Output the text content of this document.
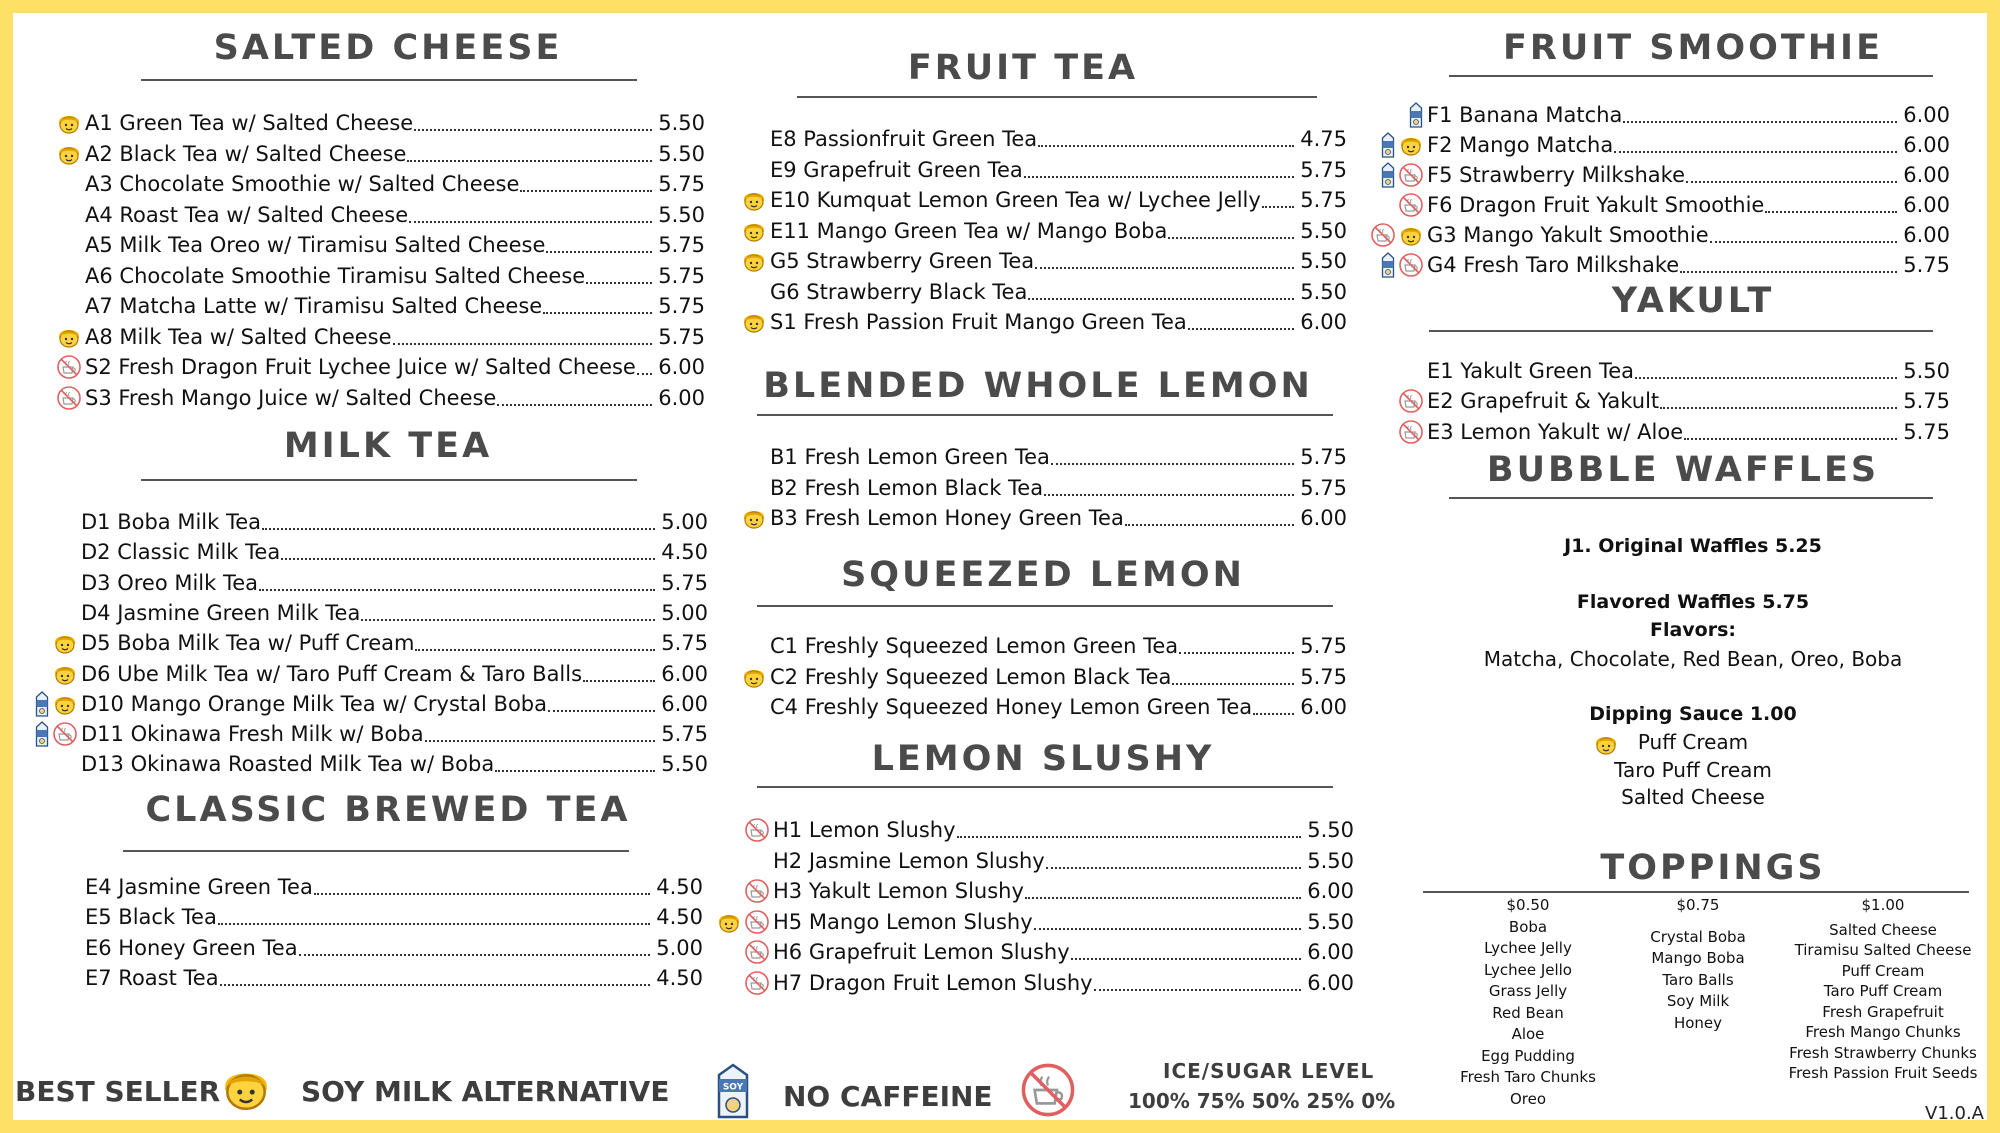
SALTED CHEESE
A1 Green Tea w/ Salted Cheese	5.50
A2 Black Tea w/ Salted Cheese	5.50
A3 Chocolate Smoothie w/ Salted Cheese	5.75
A4 Roast Tea w/ Salted Cheese	5.50
A5 Milk Tea Oreo w/ Tiramisu Salted Cheese	5.75
A6 Chocolate Smoothie Tiramisu Salted Cheese	5.75
A7 Matcha Latte w/ Tiramisu Salted Cheese	5.75
A8 Milk Tea w/ Salted Cheese	5.75
S2 Fresh Dragon Fruit Lychee Juice w/ Salted Cheese 6.00
S3 Fresh Mango Juice w/ Salted Cheese	6.00
MILK TEA
D1 Boba Milk Tea	5.00
D2 Classic Milk Tea	4.50
D3 Oreo Milk Tea	5.75
D4 Jasmine Green Milk Tea	5.00
D5 Boba Milk Tea w/ Puff Cream	5.75
D6 Ube Milk Tea w/ Taro Puff Cream & Taro Balls	6.00
D10 Mango Orange Milk Tea w/ Crystal Boba	6.00
D11 Okinawa Fresh Milk w/ Boba	5.75
D13 Okinawa Roasted Milk Tea w/ Boba	5.50
CLASSIC BREWED TEA
E4 Jasmine Green Tea	4.50
E5 Black Tea	4.50
E6 Honey Green Tea	5.00
E7 Roast Tea	4.50
FRUIT TEA
E8 Passionfruit Green Tea	4.75
E9 Grapefruit Green Tea	5.75
E10 Kumquat Lemon Green Tea w/ Lychee Jelly 5.75
E11 Mango Green Tea w/ Mango Boba	5.50
G5 Strawberry Green Tea	5.50
G6 Strawberry Black Tea	5.50
S1 Fresh Passion Fruit Mango Green Tea	6.00
BLENDED WHOLE LEMON
B1 Fresh Lemon Green Tea	5.75
B2 Fresh Lemon Black Tea	5.75
B3 Fresh Lemon Honey Green Tea	6.00
SQUEEZED LEMON
C1 Freshly Squeezed Lemon Green Tea	5.75
C2 Freshly Squeezed Lemon Black Tea	5.75
C4 Freshly Squeezed Honey Lemon Green Tea 6.00
LEMON SLUSHY
H1 Lemon Slushy	5.50
H2 Jasmine Lemon Slushy	5.50
H3 Yakult Lemon Slushy	6.00
H5 Mango Lemon Slushy	5.50
H6 Grapefruit Lemon Slushy	6.00
H7 Dragon Fruit Lemon Slushy	6.00
FRUIT SMOOTHIE
F1 Banana Matcha	6.00
F2 Mango Matcha	6.00
F5 Strawberry Milkshake	6.00
F6 Dragon Fruit Yakult Smoothie	6.00
G3 Mango Yakult Smoothie	6.00
G4 Fresh Taro Milkshake	5.75
YAKULT
E1 Yakult Green Tea	5.50
E2 Grapefruit & Yakult	5.75
E3 Lemon Yakult w/ Aloe	5.75
BUBBLE WAFFLES
J1. Original Waffles 5.25
Flavored Waffles 5.75
Flavors:
Matcha, Chocolate, Red Bean, Oreo, Boba
Dipping Sauce 1.00
Puff Cream
Taro Puff Cream
Salted Cheese
TOPPINGS
$0.50
Boba
Lychee Jelly
Lychee Jello
Grass Jelly
Red Bean
Aloe
Egg Pudding
Fresh Taro Chunks
Oreo
$0.75
Crystal Boba
Mango Boba
Taro Balls
Soy Milk
Honey
$1.00
Salted Cheese
Tiramisu Salted Cheese
Puff Cream
Taro Puff Cream
Fresh Grapefruit
Fresh Mango Chunks
Fresh Strawberry Chunks
Fresh Passion Fruit Seeds
BEST SELLER	SOY MILK ALTERNATIVE	SOY NO CAFFEINE
ICE/SUGAR LEVEL
100% 75% 50% 25% 0%
V1.0.A
